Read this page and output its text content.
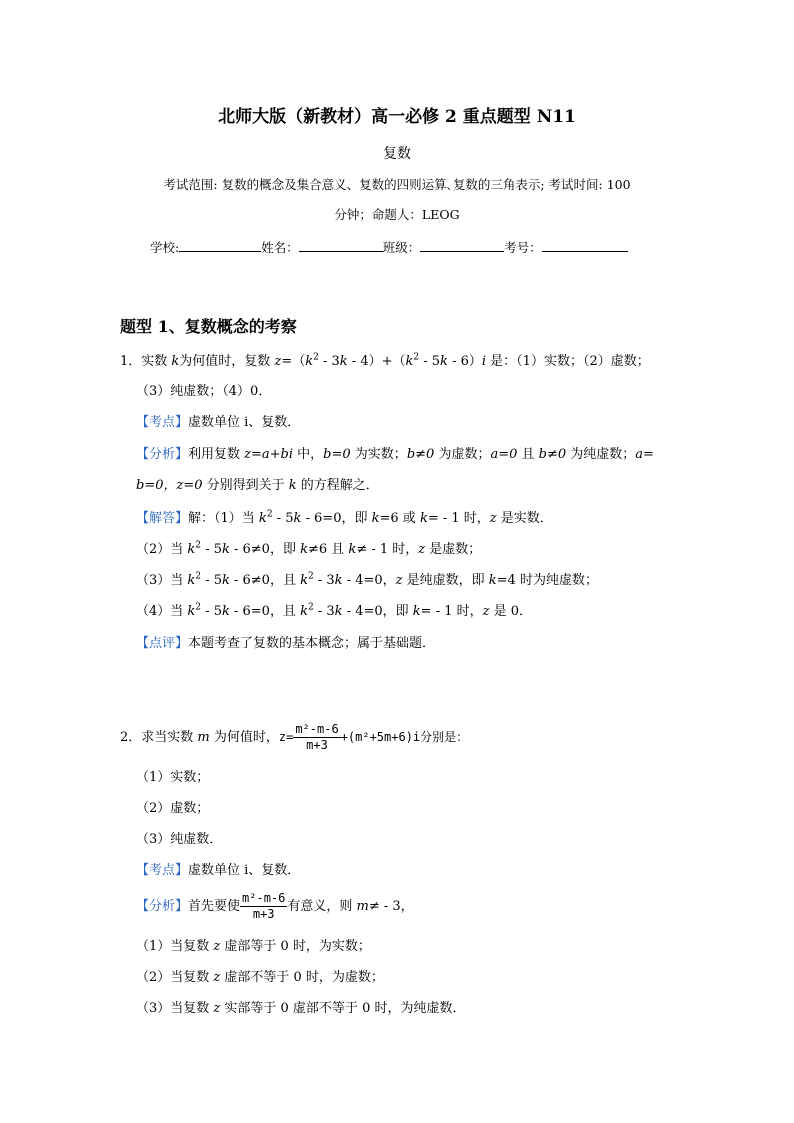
北师大版（新教材）高一必修 2 重点题型 N11
复数
考试范围: 复数的概念及集合意义、复数的四则运算､复数的三角表示; 考试时间: 100
分钟；命题人：LEOG
学校:	姓名：	班级：	考号：
题型 1、复数概念的考察
1．实数 k为何值时，复数 $z=(k^2 - 3k - 4)+(k^2 - 5k - 6)i$ 是：（1）实数；（2）虚数；
（3）纯虚数；（4）0．
【考点】虚数单位 i、复数．
【分析】利用复数 z=a+bi 中，b=0 为实数；b≠0 为虚数；a=0 且 b≠0 为纯虚数；a=
b=0，z=0 分别得到关于 k 的方程解之．
【解答】解：（1）当 $k^2 - 5k - 6=0$，即 k=6 或 k= - 1 时，z 是实数．
（2）当 $k^2 - 5k - 6\ne 0$，即 k≠6 且 k≠ - 1 时，z 是虚数；
（3）当 $k^2 - 5k - 6\ne 0$，且 $k^2 - 3k - 4=0$，z 是纯虚数，即 k=4 时为纯虚数；
（4）当 $k^2 - 5k - 6=0$，且 $k^2 - 3k - 4=0$，即 k= - 1 时，z 是 0．
【点评】本题考查了复数的基本概念；属于基础题．
2．求当实数 m 为何值时，$z= \frac{\text{m²-m-6}}{m+3} +(m^2+5m+6)i$分别是：
（1）实数；
（2）虚数；
（3）纯虚数．
【考点】虚数单位 i、复数．
【分析】首先要使 $\frac{\text{m²-m-6}}{m+3}$ 有意义，则 m≠ - 3，
（1）当复数 z 虚部等于 0 时，为实数；
（2）当复数 z 虚部不等于 0 时，为虚数；
（3）当复数 z 实部等于 0 虚部不等于 0 时，为纯虚数．
